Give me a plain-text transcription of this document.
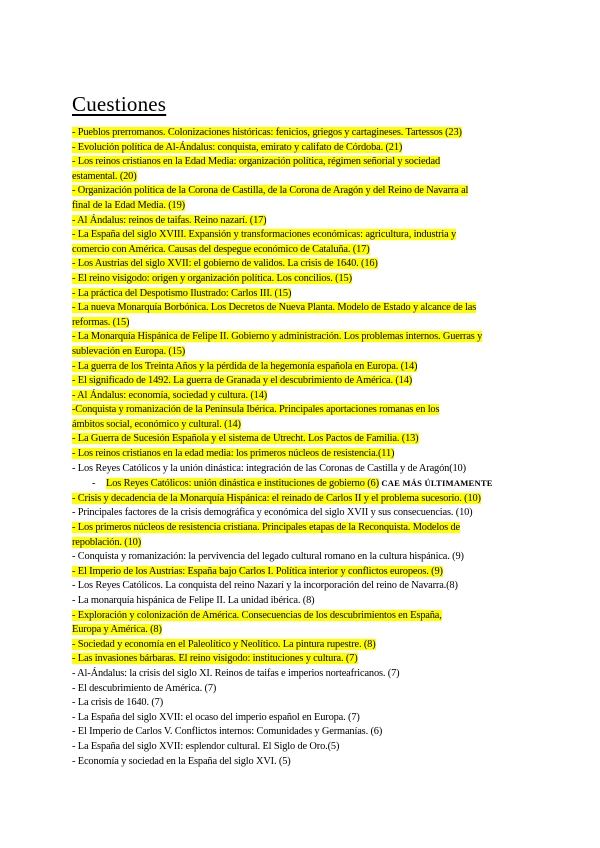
Cuestiones
- Pueblos prerromanos. Colonizaciones históricas: fenicios, griegos y cartagineses. Tartessos (23)
- Evolución política de Al-Ándalus: conquista, emirato y califato de Córdoba. (21)
- Los reinos cristianos en la Edad Media: organización política, régimen señorial y sociedad
estamental. (20)
- Organización política de la Corona de Castilla, de la Corona de Aragón y del Reino de Navarra al
final de la Edad Media. (19)
- Al Ándalus: reinos de taifas. Reino nazarí. (17)
- La España del siglo XVIII. Expansión y transformaciones económicas: agricultura, industria y
comercio con América. Causas del despegue económico de Cataluña. (17)
- Los Austrias del siglo XVII: el gobierno de validos. La crisis de 1640. (16)
- El reino visigodo: origen y organización política. Los concilios. (15)
- La práctica del Despotismo Ilustrado: Carlos III. (15)
- La nueva Monarquía Borbónica. Los Decretos de Nueva Planta. Modelo de Estado y alcance de las
reformas. (15)
- La Monarquía Hispánica de Felipe II. Gobierno y administración. Los problemas internos. Guerras y
sublevación en Europa. (15)
- La guerra de los Treinta Años y la pérdida de la hegemonía española en Europa. (14)
- El significado de 1492. La guerra de Granada y el descubrimiento de América. (14)
- Al Ándalus: economía, sociedad y cultura. (14)
-Conquista y romanización de la Península Ibérica. Principales aportaciones romanas en los
ámbitos social, económico y cultural. (14)
- La Guerra de Sucesión Española y el sistema de Utrecht. Los Pactos de Familia. (13)
- Los reinos cristianos en la edad media: los primeros núcleos de resistencia.(11)
- Los Reyes Católicos y la unión dinástica: integración de las Coronas de Castilla y de Aragón(10)
- Los Reyes Católicos: unión dinástica e instituciones de gobierno (6) CAE MÁS ÚLTIMAMENTE
- Crisis y decadencia de la Monarquía Hispánica: el reinado de Carlos II y el problema sucesorio. (10)
- Principales factores de la crisis demográfica y económica del siglo XVII y sus consecuencias. (10)
- Los primeros núcleos de resistencia cristiana. Principales etapas de la Reconquista. Modelos de
repoblación. (10)
- Conquista y romanización: la pervivencia del legado cultural romano en la cultura hispánica. (9)
- El Imperio de los Austrias: España bajo Carlos I. Política interior y conflictos europeos. (9)
- Los Reyes Católicos. La conquista del reino Nazarí y la incorporación del reino de Navarra.(8)
- La monarquía hispánica de Felipe II. La unidad ibérica. (8)
- Exploración y colonización de América. Consecuencias de los descubrimientos en España,
Europa y América. (8)
- Sociedad y economía en el Paleolítico y Neolítico. La pintura rupestre. (8)
- Las invasiones bárbaras. El reino visigodo: instituciones y cultura. (7)
- Al-Ándalus: la crisis del siglo XI. Reinos de taifas e imperios norteafricanos. (7)
- El descubrimiento de América. (7)
- La crisis de 1640. (7)
- La España del siglo XVII: el ocaso del imperio español en Europa. (7)
- El Imperio de Carlos V. Conflictos internos: Comunidades y Germanías. (6)
- La España del siglo XVII: esplendor cultural. El Siglo de Oro.(5)
- Economía y sociedad en la España del siglo XVI. (5)
